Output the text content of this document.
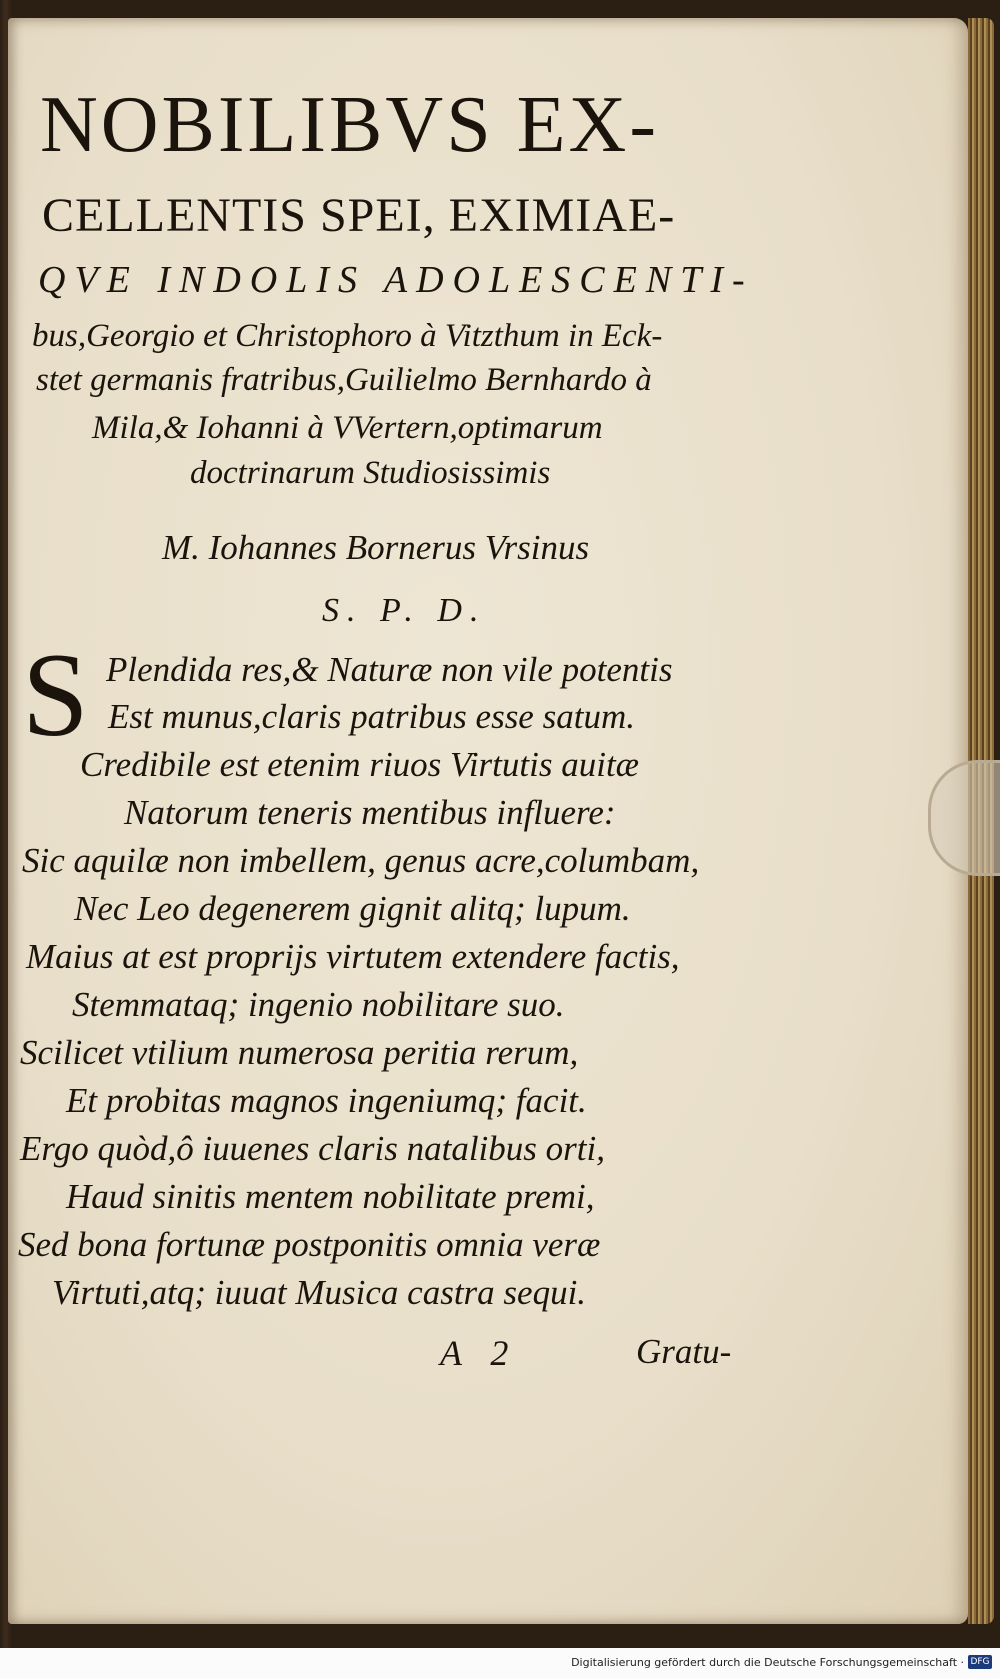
NOBILIBVS EX-
CELLENTIS SPEI, EXIMIAE-
QVE INDOLIS ADOLESCENTI-
bus,Georgio et Christophoro à Vitzthum in Eck-
stet germanis fratribus,Guilielmo Bernhardo à
Mila,& Iohanni à VVertern,optimarum
doctrinarum Studiosissimis
M. Iohannes Bornerus Vrsinus
S. P. D.
S Plendida res,& Naturæ non vile potentis
Est munus,claris patribus esse satum.
Credibile est etenim riuos Virtutis auitæ
Natorum teneris mentibus influere:
Sic aquilæ non imbellem, genus acre,columbam,
Nec Leo degenerem gignit alitq; lupum.
Maius at est proprijs virtutem extendere factis,
Stemmataq; ingenio nobilitare suo.
Scilicet vtilium numerosa peritia rerum,
Et probitas magnos ingeniumq; facit.
Ergo quòd,ô iuuenes claris natalibus orti,
Haud sinitis mentem nobilitate premi,
Sed bona fortunæ postponitis omnia veræ
Virtuti,atq; iuuat Musica castra sequi.
A 2	Gratu-
Digitalisierung gefördert durch die Deutsche Forschungsgemeinschaft · DFG
